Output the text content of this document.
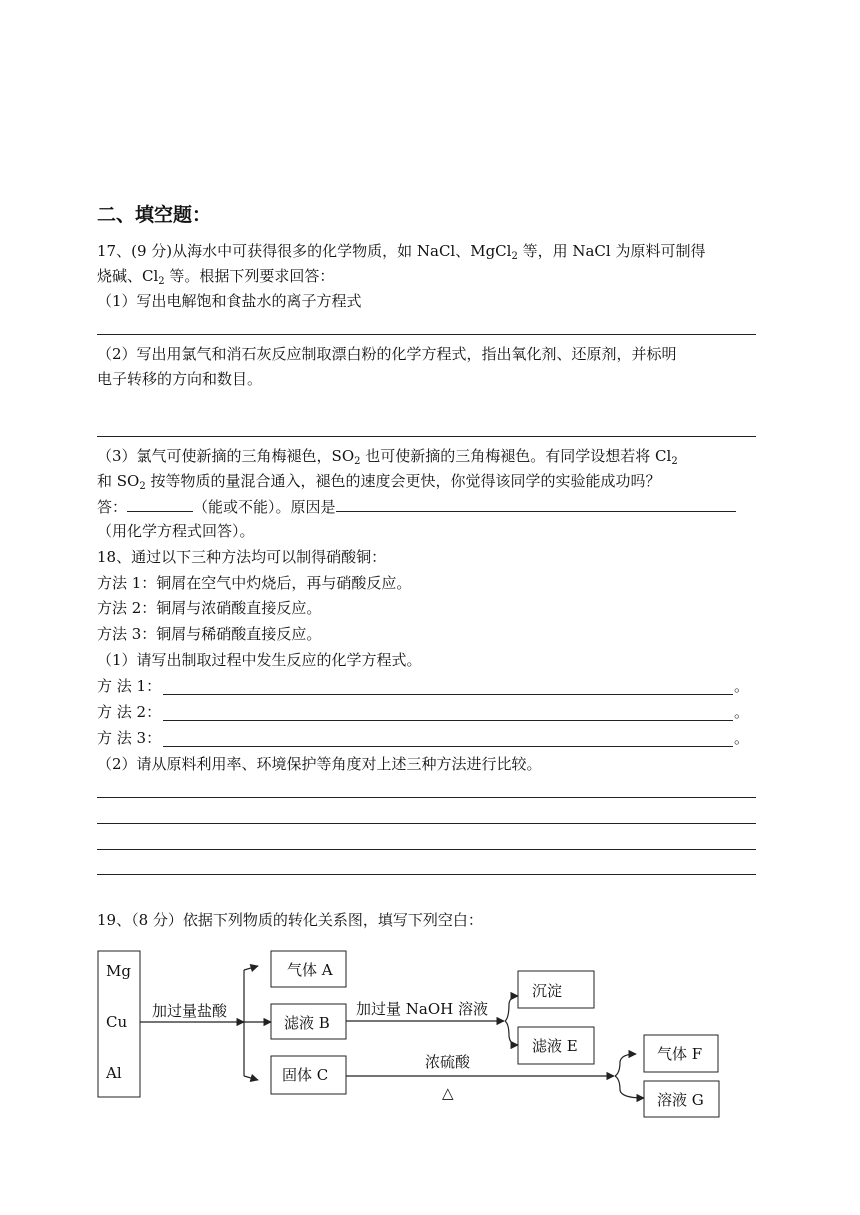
二、填空题：
17、(9 分)从海水中可获得很多的化学物质，如 NaCl、MgCl$_2$ 等，用 NaCl 为原料可制得
烧碱、$Cl_2$ 等。根据下列要求回答：
（1）写出电解饱和食盐水的离子方程式
（2）写出用氯气和消石灰反应制取漂白粉的化学方程式，指出氧化剂、还原剂，并标明
电子转移的方向和数目。
（3）氯气可使新摘的三角梅褪色，$SO_2$ 也可使新摘的三角梅褪色。有同学设想若将 $Cl_2$
和 $SO_2$ 按等物质的量混合通入，褪色的速度会更快，你觉得该同学的实验能成功吗？
答：	（能或不能）。原因是
（用化学方程式回答）。
18、通过以下三种方法均可以制得硝酸铜：
方法 1：铜屑在空气中灼烧后，再与硝酸反应。
方法 2：铜屑与浓硝酸直接反应。
方法 3：铜屑与稀硝酸直接反应。
（1）请写出制取过程中发生反应的化学方程式。
方 法 1：	。
方 法 2：	。
方 法 3：	。
（2）请从原料利用率、环境保护等角度对上述三种方法进行比较。
19、（8 分）依据下列物质的转化关系图，填写下列空白：
Mg
Cu
Al
加过量盐酸
气体 A
滤液 B
固体 C
加过量 NaOH 溶液
沉淀
滤液 E
浓硫酸
△
气体 F
溶液 G
